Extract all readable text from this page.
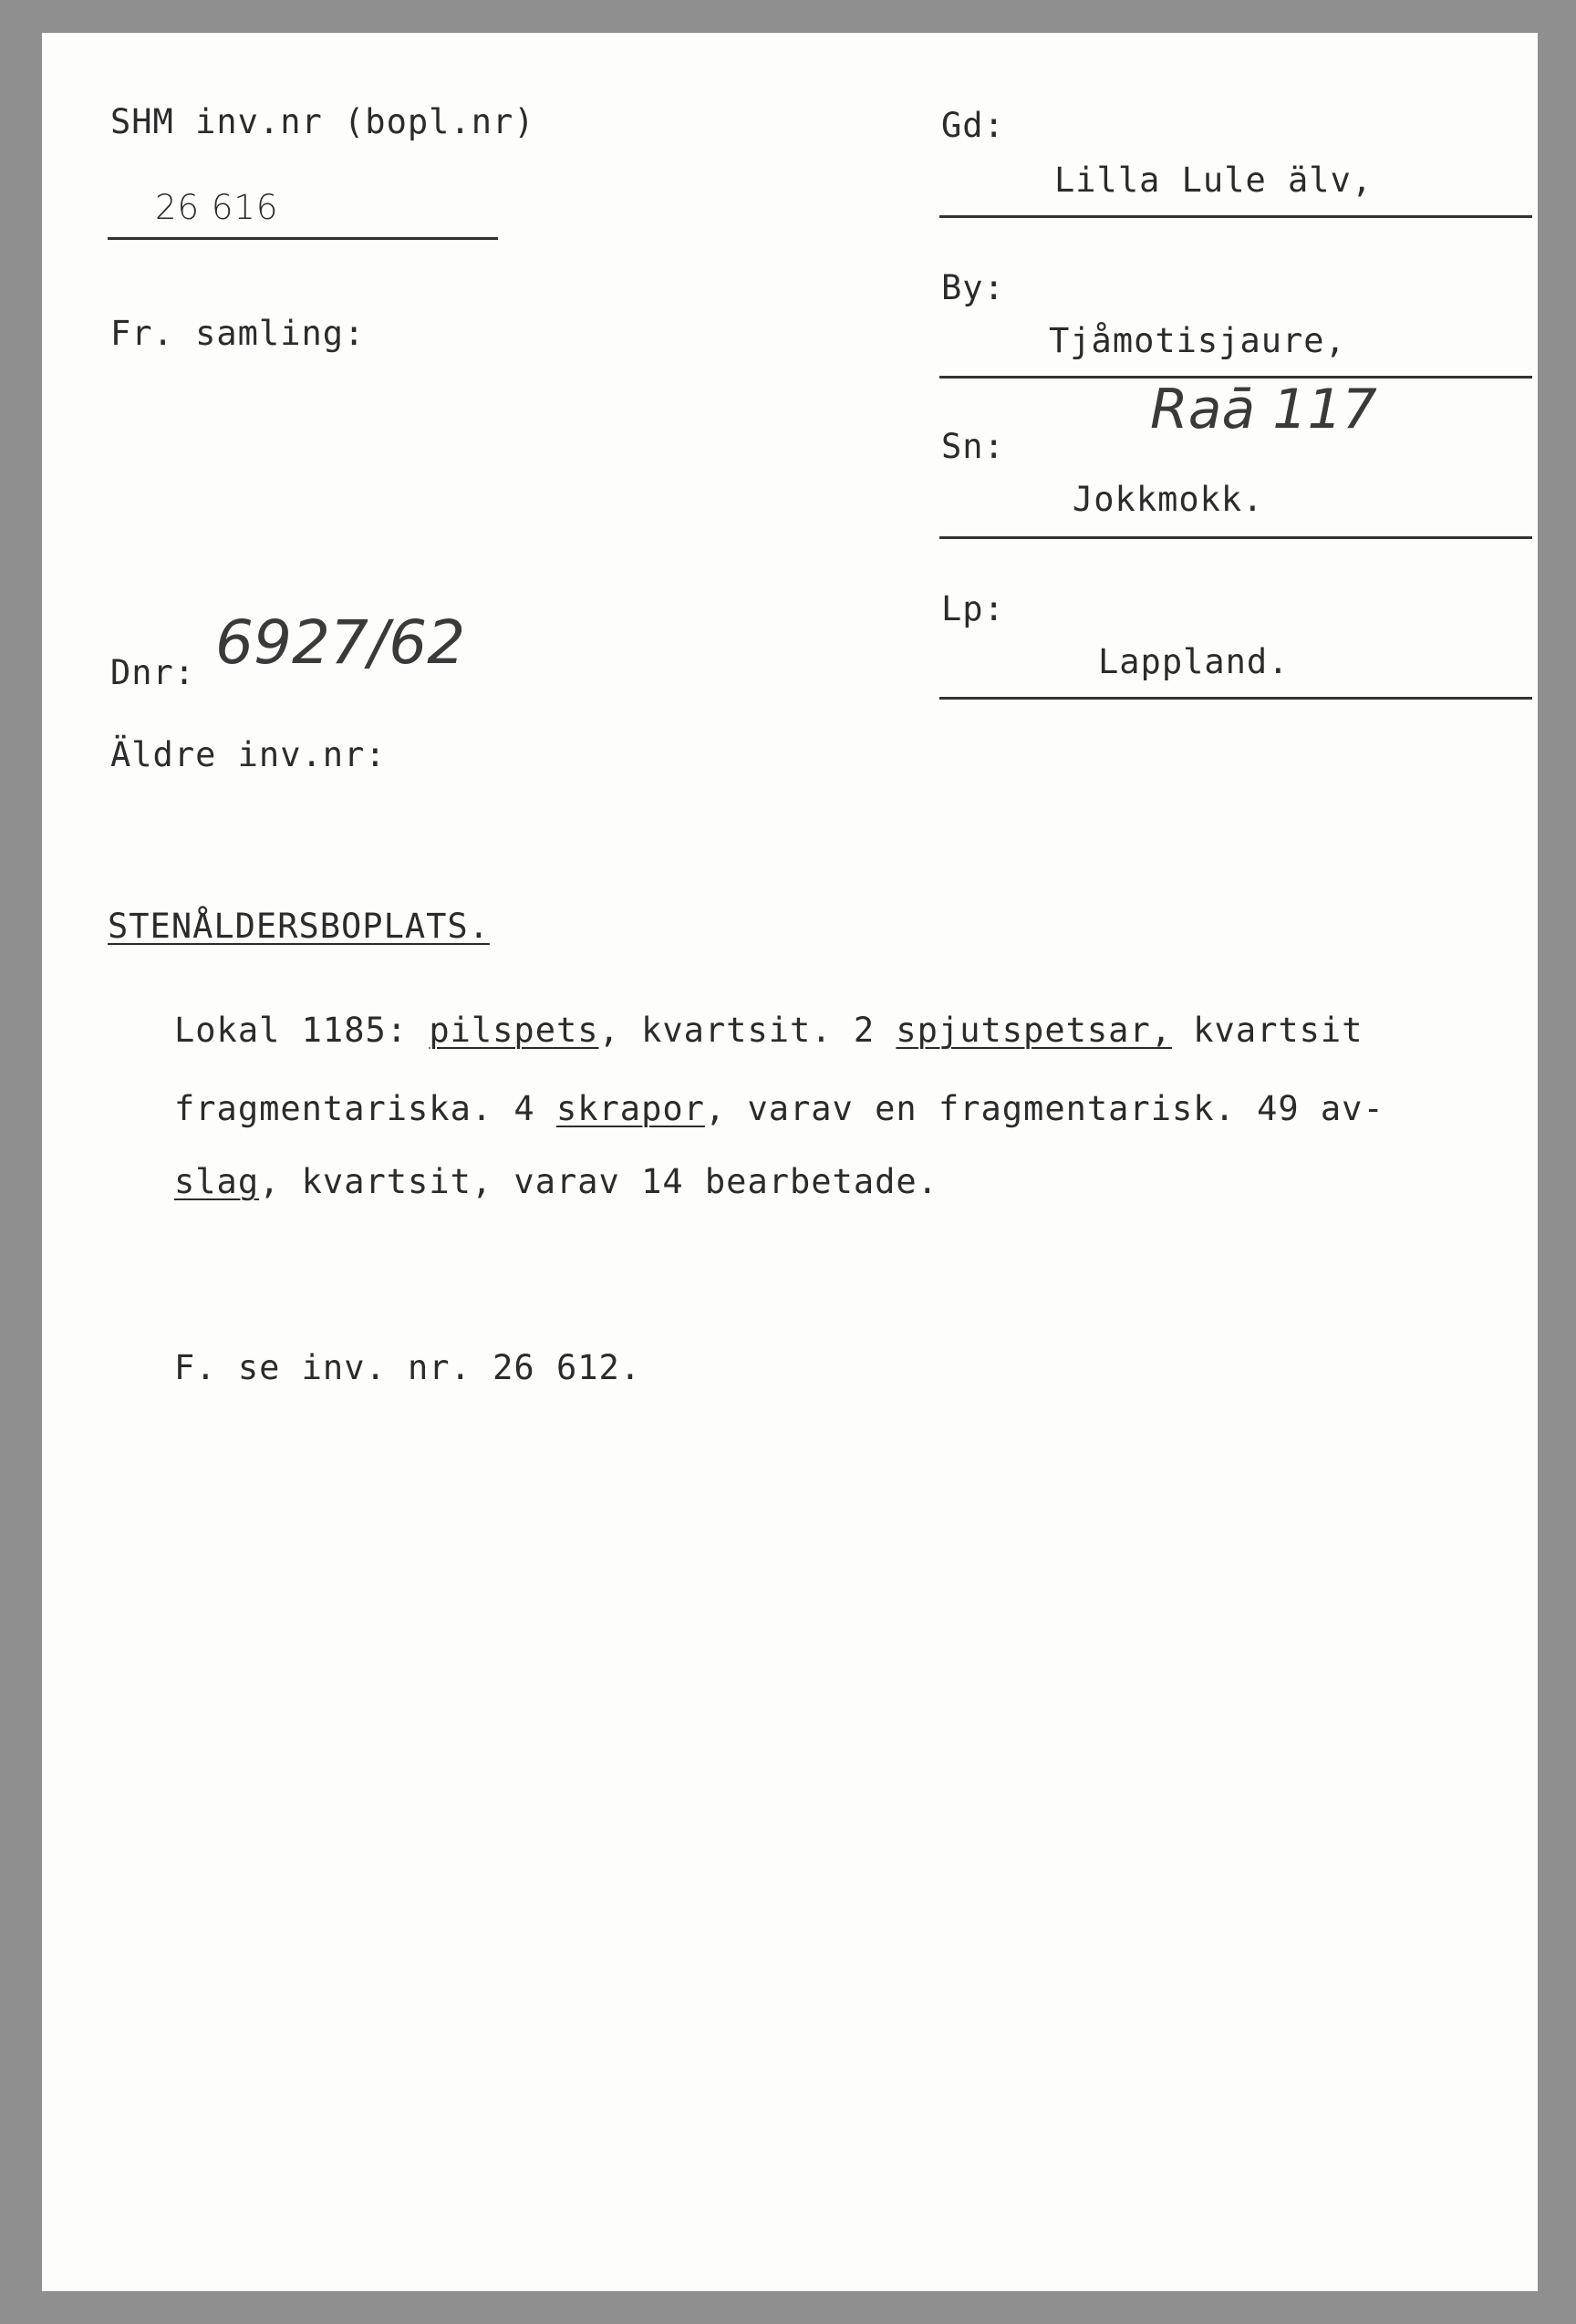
SHM inv.nr (bopl.nr)
26 616
Fr. samling:
Dnr: 6927/62
Äldre inv.nr:
Gd:
Lilla Lule älv,
By:
Tjåmotisjaure,
Raā 117
Sn:
Jokkmokk.
Lp:
Lappland.
STENÅLDERSBOPLATS.
Lokal 1185: pilspets, kvartsit. 2 spjutspetsar, kvartsit
fragmentariska. 4 skrapor, varav en fragmentarisk. 49 av-
slag, kvartsit, varav 14 bearbetade.
F. se inv. nr. 26 612.
